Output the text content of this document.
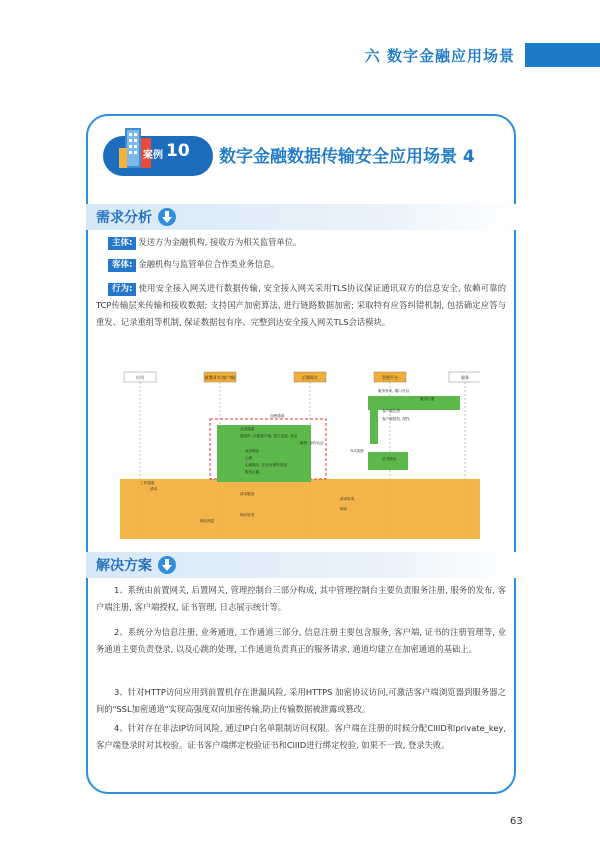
六 数字金融应用场景
案例 10 数字金融数据传输安全应用场景 4
需求分析
主体: 发送方为金融机构, 接收方为相关监管单位。
客体: 金融机构与监管单位合作类业务信息。
行为: 使用安全接入网关进行数据传输, 安全接入网关采用TLS协议保证通讯双方的信息安全, 依赖可靠的TCP传输层来传输和接收数据; 支持国产加密算法, 进行链路数据加密; 采取特有应答纠错机制, 包括确定应答与重发、记录重组等机制, 保证数据包有序、完整到达安全接入网关TLS会话模块。
应用	前置网关(客户端)	后置网关	管理平台	服务
服务注册
服务发布, 端口开启
客户端注册
客户端授权, 授权
加密通道
业务通道
通信时, 以便客户端, 建立连接, 登录
解密, 身份认证
登录响应
心跳
心跳响应, 在后台保持连接
TLS加密
证书校验
服务心跳
工作通道
请求
请求服务
请求转发
响应
响应转发
响应消息
解决方案
1、系统由前置网关, 后置网关, 管理控制台三部分构成, 其中管理控制台主要负责服务注册, 服务的发布, 客户端注册, 客户端授权, 证书管理, 日志展示统计等。
2、系统分为信息注册, 业务通道, 工作通道三部分, 信息注册主要包含服务, 客户端, 证书的注册管理等, 业务通道主要负责登录, 以及心跳的处理, 工作通道负责真正的服务请求, 通道均建立在加密通道的基础上。
3、针对HTTP访问应用到前置机存在泄漏风险, 采用HTTPS 加密协议访问,可激活客户端浏览器到服务器之间的"SSL加密通道"实现高强度双向加密传输,防止传输数据被泄露或篡改。
4、针对存在非法IP访问风险, 通过IP白名单限制访问权限。客户端在注册的时候分配ClIID和private_key, 客户端登录时对其校验。证书客户端绑定校验证书和ClIID进行绑定校验, 如果不一致, 登录失败。
63
